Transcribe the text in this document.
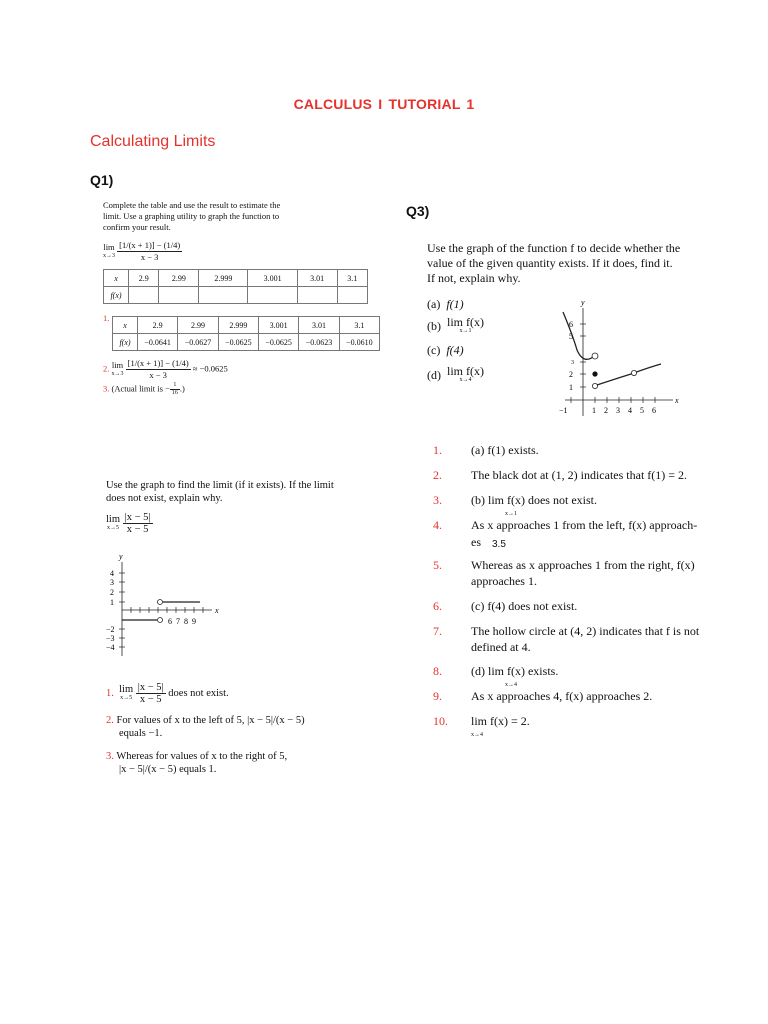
CALCULUS I TUTORIAL 1
Calculating Limits
Q1)
Complete the table and use the result to estimate the limit. Use a graphing utility to graph the function to confirm your result.
lim
x→3
$\frac{[1/(x + 1)] - (1/4)}{x - 3}$
x	2.9	2.99	2.999	3.001	3.01	3.1
f(x)						
1.
x	2.9	2.99	2.999	3.001	3.01	3.1
f(x)	−0.0641	−0.0627	−0.0625	−0.0625	−0.0623	−0.0610
2. lim
x→3
$\frac{[1/(x + 1)] - (1/4)}{x - 3} \approx -0.0625$
3. (Actual limit is − $\frac{1}{16}$ .)
Use the graph to find the limit (if it exists). If the limit does not exist, explain why.
lim
x→5
$\frac{|x - 5|}{x - 5}$
y
x
4
3
2
1
−2
−3
−4
6 7 8 9
1. lim
x→5
$\frac{|x - 5|}{x - 5}$ does not exist.
2. For values of x to the left of 5, |x − 5|/(x − 5)
equals −1.
3. Whereas for values of x to the right of 5,
|x − 5|/(x − 5) equals 1.
Q3)
Use the graph of the function f to decide whether the
value of the given quantity exists. If it does, find it.
If not, explain why.
(a) f(1)
(b) lim f(x)
x→1
(c) f(4)
(d) lim f(x)
x→4
y
x
6
5
3
2
1
−1	1 2 3 4 5 6
1. (a) f(1) exists.
2. The black dot at (1, 2) indicates that f(1) = 2.
3. (b) lim f(x) does not exist.
x→1
4. As x approaches 1 from the left, f(x) approach-
es 3.5
5. Whereas as x approaches 1 from the right, f(x)
approaches 1.
6. (c) f(4) does not exist.
7. The hollow circle at (4, 2) indicates that f is not
defined at 4.
8. (d) lim f(x) exists.
x→4
9. As x approaches 4, f(x) approaches 2.
10. lim f(x) = 2.
x→4
